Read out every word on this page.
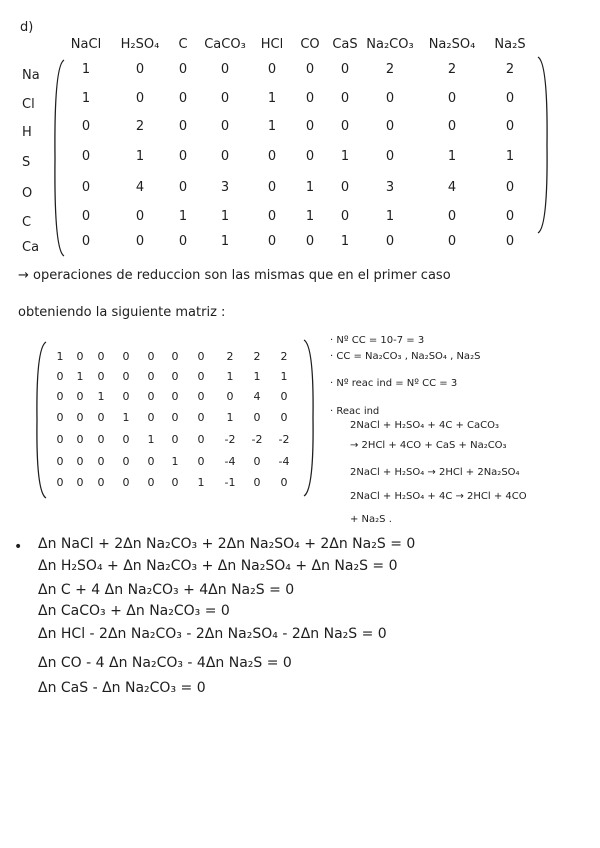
d)
NaCl H₂SO₄ C CaCO₃ HCl CO CaS Na₂CO₃ Na₂SO₄ Na₂S
Na	1	0	0	0	0 0 0	2	2	2
Cl	1	0	0	0	1 0 0	0	0	0
H	0	2	0	0	1 0 0	0	0	0
S	0	1	0	0	0 0 1	0	1	1
O	0	4	0	3	0 1 0	3	4	0
C	0	0	1	1	0 1 0	1	0	0
Ca	0	0	0	1	0 0 1	0	0	0
→ operaciones de reduccion son las mismas que en el primer caso
obteniendo la siguiente matriz :
1 0 0 0 0 0 0 2 2 2
0 1 0 0 0 0 0 1 1 1
0 0 1 0 0 0 0 0 4 0
0 0 0 1 0 0 0 1 0 0
0 0 0 0 1 0 0 -2 -2 -2
0 0 0 0 0 1 0 -4 0 -4
0 0 0 0 0 0 1 -1 0 0
· Nº CC = 10-7 = 3
· CC = Na₂CO₃ , Na₂SO₄ , Na₂S
· Nº reac ind = Nº CC = 3
· Reac ind
2NaCl + H₂SO₄ + 4C + CaCO₃
→ 2HCl + 4CO + CaS + Na₂CO₃
2NaCl + H₂SO₄ → 2HCl + 2Na₂SO₄
2NaCl + H₂SO₄ + 4C → 2HCl + 4CO
+ Na₂S .
• Δn NaCl + 2Δn Na₂CO₃ + 2Δn Na₂SO₄ + 2Δn Na₂S = 0
Δn H₂SO₄ + Δn Na₂CO₃ + Δn Na₂SO₄ + Δn Na₂S = 0
Δn C + 4 Δn Na₂CO₃ + 4Δn Na₂S = 0
Δn CaCO₃ + Δn Na₂CO₃ = 0
Δn HCl - 2Δn Na₂CO₃ - 2Δn Na₂SO₄ - 2Δn Na₂S = 0
Δn CO - 4 Δn Na₂CO₃ - 4Δn Na₂S = 0
Δn CaS - Δn Na₂CO₃ = 0
